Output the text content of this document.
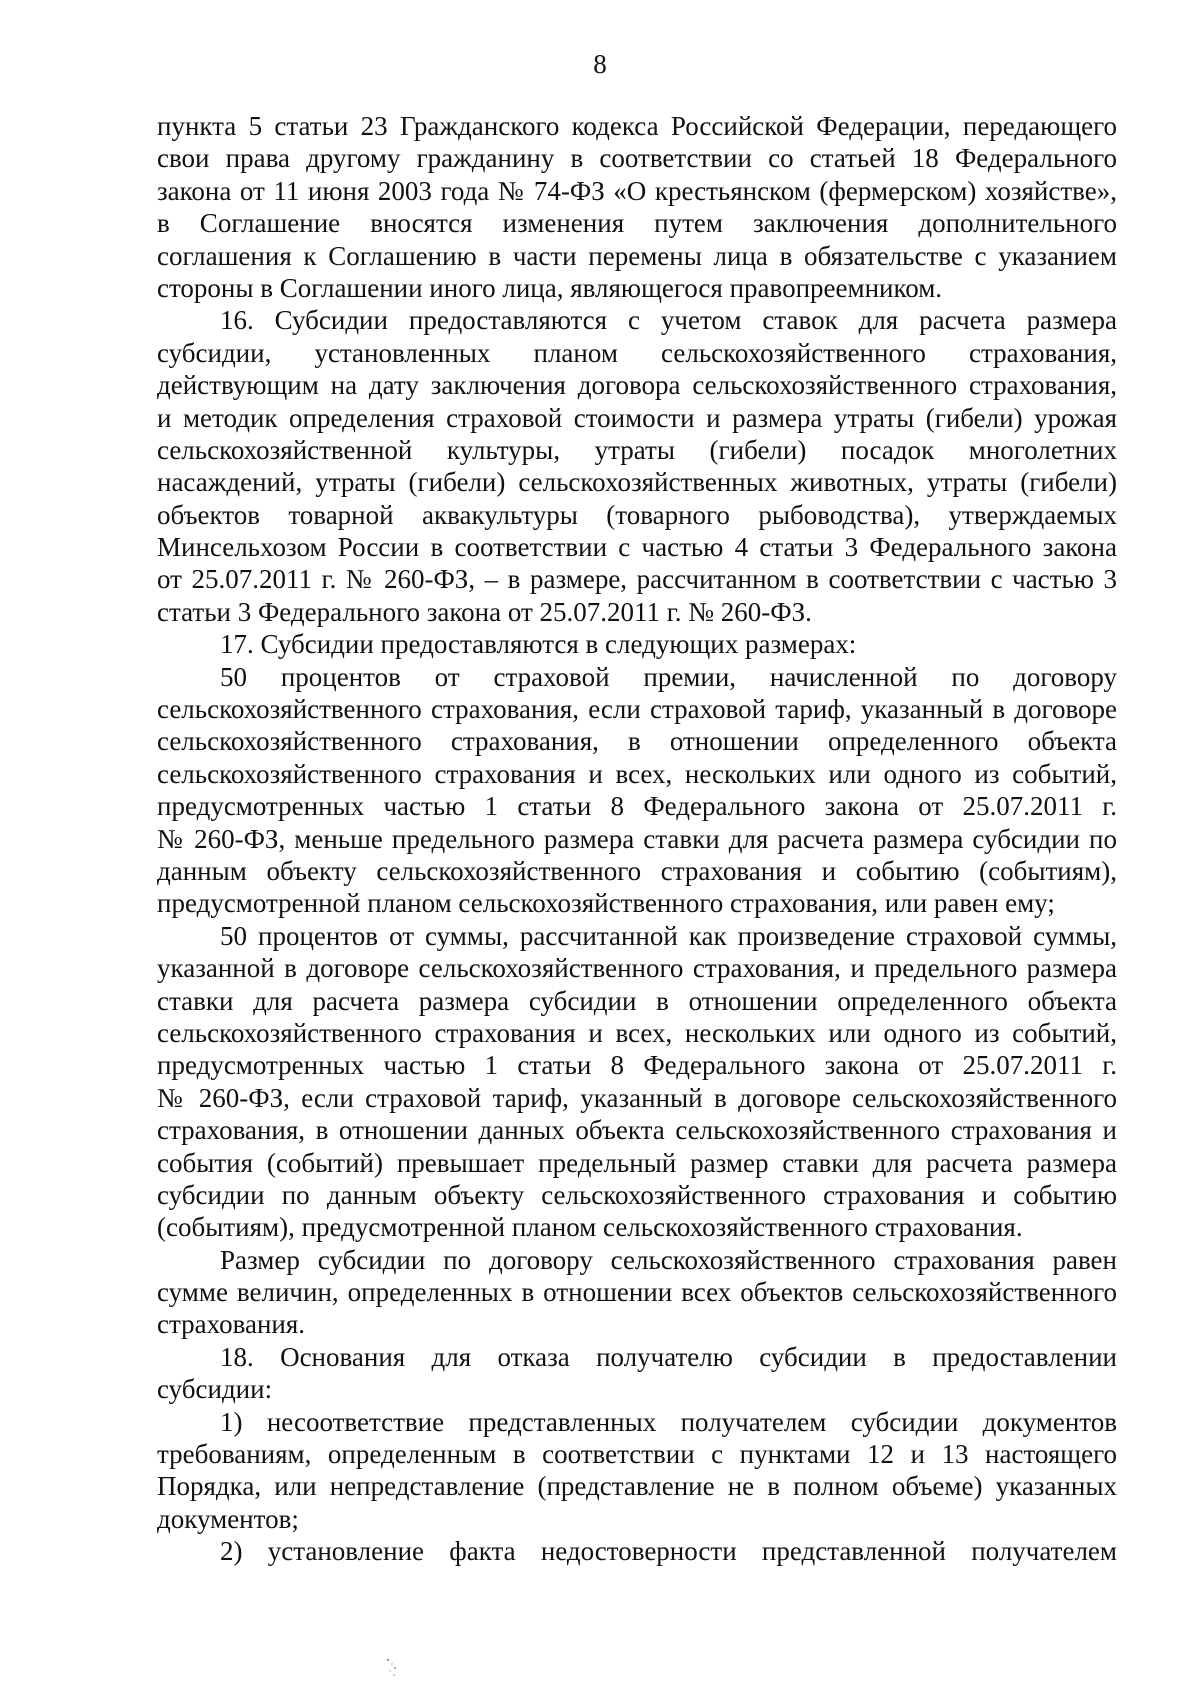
8
пункта 5 статьи 23 Гражданского кодекса Российской Федерации, передающего
свои права другому гражданину в соответствии со статьей 18 Федерального
закона от 11 июня 2003 года № 74-ФЗ «О крестьянском (фермерском) хозяйстве»,
в Соглашение вносятся изменения путем заключения дополнительного
соглашения к Соглашению в части перемены лица в обязательстве с указанием
стороны в Соглашении иного лица, являющегося правопреемником.
16. Субсидии предоставляются с учетом ставок для расчета размера
субсидии, установленных планом сельскохозяйственного страхования,
действующим на дату заключения договора сельскохозяйственного страхования,
и методик определения страховой стоимости и размера утраты (гибели) урожая
сельскохозяйственной культуры, утраты (гибели) посадок многолетних
насаждений, утраты (гибели) сельскохозяйственных животных, утраты (гибели)
объектов товарной аквакультуры (товарного рыбоводства), утверждаемых
Минсельхозом России в соответствии с частью 4 статьи 3 Федерального закона
от 25.07.2011 г. № 260-ФЗ, – в размере, рассчитанном в соответствии с частью 3
статьи 3 Федерального закона от 25.07.2011 г. № 260-ФЗ.
17. Субсидии предоставляются в следующих размерах:
50 процентов от страховой премии, начисленной по договору
сельскохозяйственного страхования, если страховой тариф, указанный в договоре
сельскохозяйственного страхования, в отношении определенного объекта
сельскохозяйственного страхования и всех, нескольких или одного из событий,
предусмотренных частью 1 статьи 8 Федерального закона от 25.07.2011 г.
№ 260-ФЗ, меньше предельного размера ставки для расчета размера субсидии по
данным объекту сельскохозяйственного страхования и событию (событиям),
предусмотренной планом сельскохозяйственного страхования, или равен ему;
50 процентов от суммы, рассчитанной как произведение страховой суммы,
указанной в договоре сельскохозяйственного страхования, и предельного размера
ставки для расчета размера субсидии в отношении определенного объекта
сельскохозяйственного страхования и всех, нескольких или одного из событий,
предусмотренных частью 1 статьи 8 Федерального закона от 25.07.2011 г.
№ 260-ФЗ, если страховой тариф, указанный в договоре сельскохозяйственного
страхования, в отношении данных объекта сельскохозяйственного страхования и
события (событий) превышает предельный размер ставки для расчета размера
субсидии по данным объекту сельскохозяйственного страхования и событию
(событиям), предусмотренной планом сельскохозяйственного страхования.
Размер субсидии по договору сельскохозяйственного страхования равен
сумме величин, определенных в отношении всех объектов сельскохозяйственного
страхования.
18. Основания для отказа получателю субсидии в предоставлении
субсидии:
1) несоответствие представленных получателем субсидии документов
требованиям, определенным в соответствии с пунктами 12 и 13 настоящего
Порядка, или непредставление (представление не в полном объеме) указанных
документов;
2) установление факта недостоверности представленной получателем
